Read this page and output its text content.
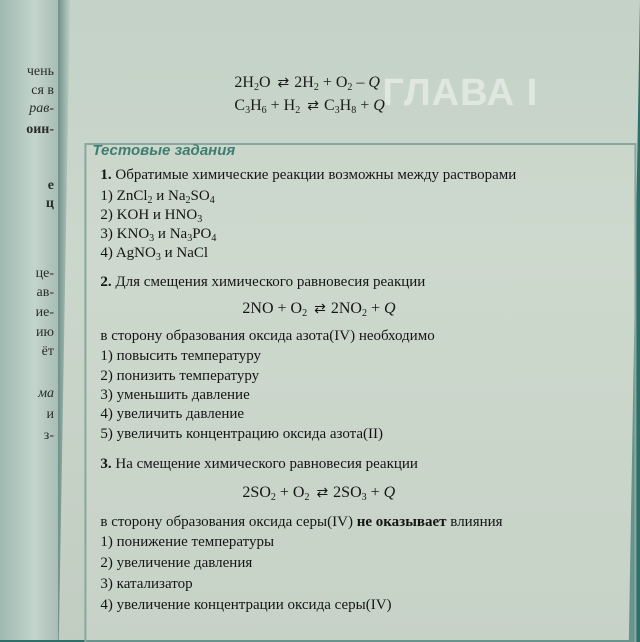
чень
ся в
рав-
оин-
е
ц
це-
ав-
ие-
ию
ёт
ма
и
з-
ГЛАВА I
$2H_2O$ ⇄ $2H_2 + O_2 - Q$
$C_3H_6 + H_2$ ⇄ $C_3H_8 + Q$
Тестовые задания
1. Обратимые химические реакции возможны между растворами
1) ZnCl$_2$ и $Na_2SO_4$
2) KOH и $HNO_3$
3) $KNO_3$ и $Na_3PO_4$
4) AgNO$_3$ и NaCl
2. Для смещения химического равновесия реакции
$2NO + O_2$ ⇄ $2NO_2 + Q$
в сторону образования оксида азота(IV) необходимо
1) повысить температуру
2) понизить температуру
3) уменьшить давление
4) увеличить давление
5) увеличить концентрацию оксида азота(II)
3. На смещение химического равновесия реакции
$2SO_2 + O_2$ ⇄ $2SO_3 + Q$
в сторону образования оксида серы(IV) не оказывает влияния
1) понижение температуры
2) увеличение давления
3) катализатор
4) увеличение концентрации оксида серы(IV)
